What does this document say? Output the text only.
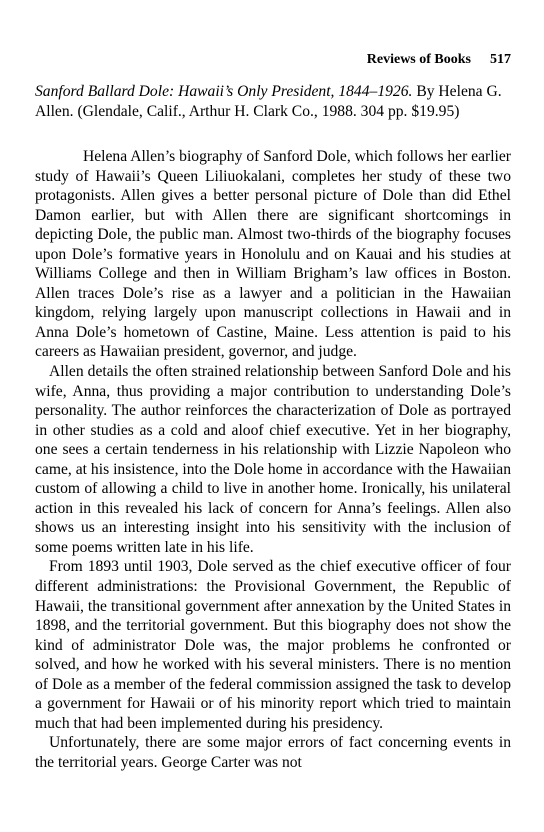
Reviews of Books 517
Sanford Ballard Dole: Hawaii’s Only President, 1844–1926. By Helena G. Allen. (Glendale, Calif., Arthur H. Clark Co., 1988. 304 pp. $19.95)

Helena Allen’s biography of Sanford Dole, which follows her earlier study of Hawaii’s Queen Liliuokalani, completes her study of these two protagonists. Allen gives a better personal picture of Dole than did Ethel Damon earlier, but with Allen there are significant shortcomings in depicting Dole, the public man. Almost two-thirds of the biography focuses upon Dole’s formative years in Honolulu and on Kauai and his studies at Williams College and then in William Brigham’s law offices in Boston. Allen traces Dole’s rise as a lawyer and a politician in the Hawaiian kingdom, relying largely upon manuscript collections in Hawaii and in Anna Dole’s hometown of Castine, Maine. Less attention is paid to his careers as Hawaiian president, governor, and judge.

Allen details the often strained relationship between Sanford Dole and his wife, Anna, thus providing a major contribution to understanding Dole’s personality. The author reinforces the characterization of Dole as portrayed in other studies as a cold and aloof chief executive. Yet in her biography, one sees a certain tenderness in his relationship with Lizzie Napoleon who came, at his insistence, into the Dole home in accordance with the Hawaiian custom of allowing a child to live in another home. Ironically, his unilateral action in this revealed his lack of concern for Anna’s feelings. Allen also shows us an interesting insight into his sensitivity with the inclusion of some poems written late in his life.

From 1893 until 1903, Dole served as the chief executive officer of four different administrations: the Provisional Government, the Republic of Hawaii, the transitional government after annexation by the United States in 1898, and the territorial government. But this biography does not show the kind of administrator Dole was, the major problems he confronted or solved, and how he worked with his several ministers. There is no mention of Dole as a member of the federal commission assigned the task to develop a government for Hawaii or of his minority report which tried to maintain much that had been implemented during his presidency.

Unfortunately, there are some major errors of fact concerning events in the territorial years. George Carter was not
